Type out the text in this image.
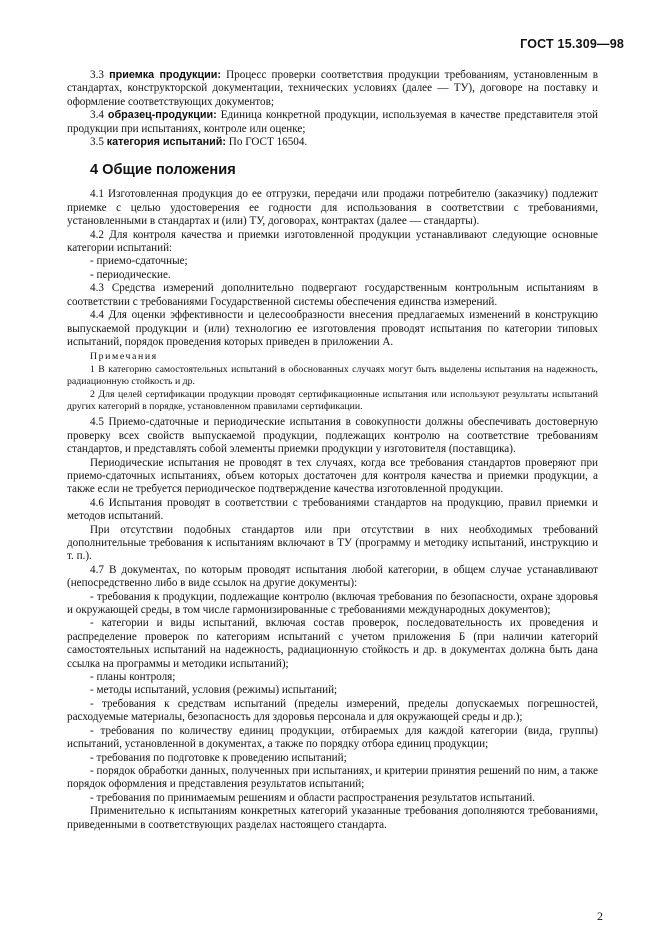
ГОСТ 15.309—98

3.3 приемка продукции: Процесс проверки соответствия продукции требованиям, установленным в стандартах, конструкторской документации, технических условиях (далее — ТУ), договоре на поставку и оформление соответствующих документов;

3.4 образец-продукции: Единица конкретной продукции, используемая в качестве представителя этой продукции при испытаниях, контроле или оценке;

3.5 категория испытаний: По ГОСТ 16504.

4 Общие положения

4.1 Изготовленная продукция до ее отгрузки, передачи или продажи потребителю (заказчику) подлежит приемке с целью удостоверения ее годности для использования в соответствии с требованиями, установленными в стандартах и (или) ТУ, договорах, контрактах (далее — стандарты).

4.2 Для контроля качества и приемки изготовленной продукции устанавливают следующие основные категории испытаний:

- приемо-сдаточные;

- периодические.

4.3 Средства измерений дополнительно подвергают государственным контрольным испытаниям в соответствии с требованиями Государственной системы обеспечения единства измерений.

4.4 Для оценки эффективности и целесообразности внесения предлагаемых изменений в конструкцию выпускаемой продукции и (или) технологию ее изготовления проводят испытания по категории типовых испытаний, порядок проведения которых приведен в приложении А.

Примечания

1 В категорию самостоятельных испытаний в обоснованных случаях могут быть выделены испытания на надежность, радиационную стойкость и др.

2 Для целей сертификации продукции проводят сертификационные испытания или используют результаты испытаний других категорий в порядке, установленном правилами сертификации.

4.5 Приемо-сдаточные и периодические испытания в совокупности должны обеспечивать достоверную проверку всех свойств выпускаемой продукции, подлежащих контролю на соответствие требованиям стандартов, и представлять собой элементы приемки продукции у изготовителя (поставщика).

Периодические испытания не проводят в тех случаях, когда все требования стандартов проверяют при приемо-сдаточных испытаниях, объем которых достаточен для контроля качества и приемки продукции, а также если не требуется периодическое подтверждение качества изготовленной продукции.

4.6 Испытания проводят в соответствии с требованиями стандартов на продукцию, правил приемки и методов испытаний.

При отсутствии подобных стандартов или при отсутствии в них необходимых требований дополнительные требования к испытаниям включают в ТУ (программу и методику испытаний, инструкцию и т. п.).

4.7 В документах, по которым проводят испытания любой категории, в общем случае устанавливают (непосредственно либо в виде ссылок на другие документы):

- требования к продукции, подлежащие контролю (включая требования по безопасности, охране здоровья и окружающей среды, в том числе гармонизированные с требованиями международных документов);

- категории и виды испытаний, включая состав проверок, последовательность их проведения и распределение проверок по категориям испытаний с учетом приложения Б (при наличии категорий самостоятельных испытаний на надежность, радиационную стойкость и др. в документах должна быть дана ссылка на программы и методики испытаний);

- планы контроля;

- методы испытаний, условия (режимы) испытаний;

- требования к средствам испытаний (пределы измерений, пределы допускаемых погрешностей, расходуемые материалы, безопасность для здоровья персонала и для окружающей среды и др.);

- требования по количеству единиц продукции, отбираемых для каждой категории (вида, группы) испытаний, установленной в документах, а также по порядку отбора единиц продукции;

- требования по подготовке к проведению испытаний;

- порядок обработки данных, полученных при испытаниях, и критерии принятия решений по ним, а также порядок оформления и представления результатов испытаний;

- требования по принимаемым решениям и области распространения результатов испытаний.

Применительно к испытаниям конкретных категорий указанные требования дополняются требованиями, приведенными в соответствующих разделах настоящего стандарта.

2
